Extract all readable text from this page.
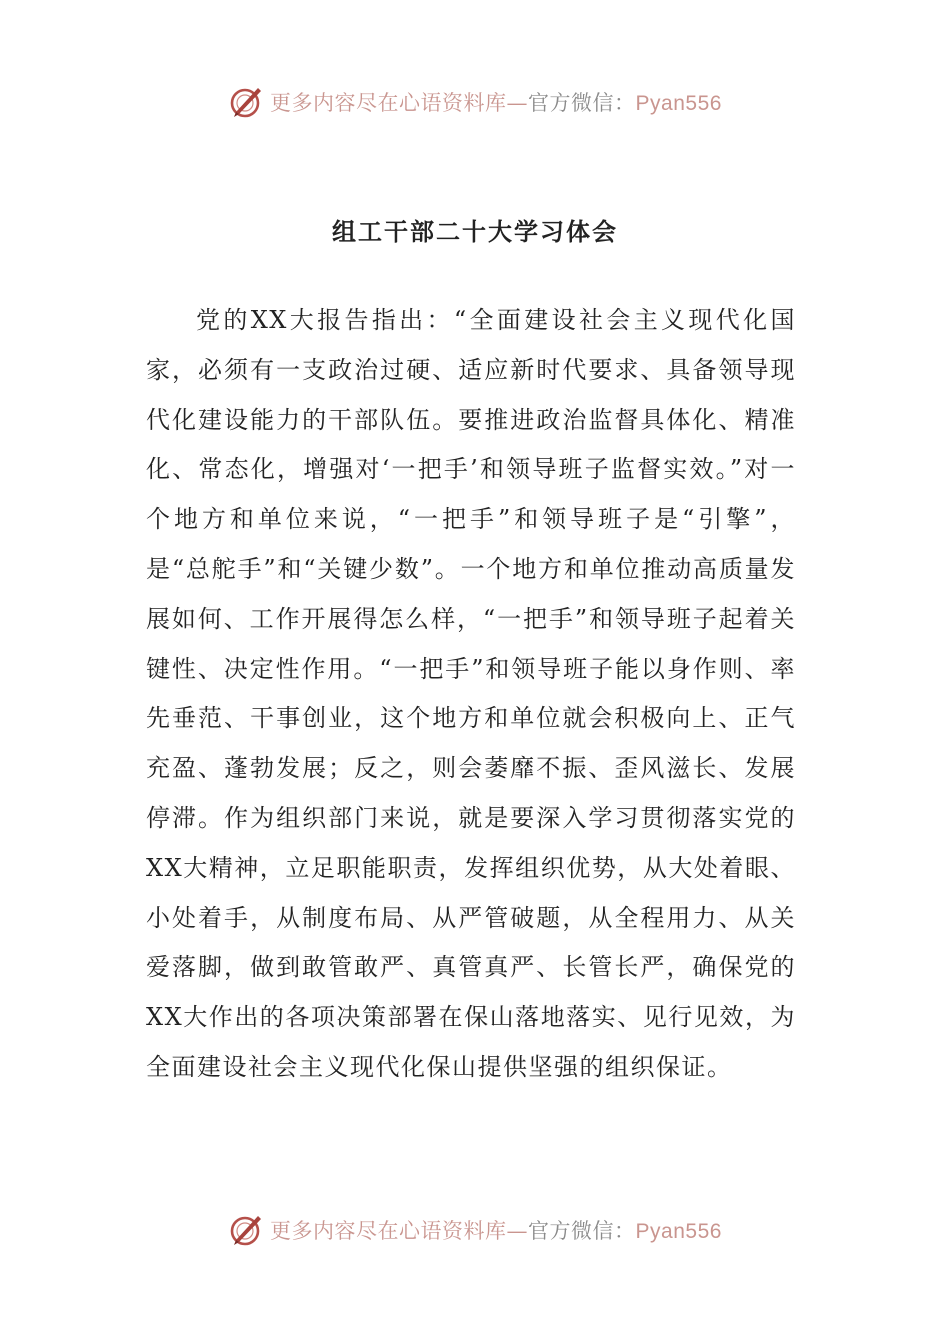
更多内容尽在心语资料库—官方微信：Pyan556
组工干部二十大学习体会

党的XX大报告指出：“全面建设社会主义现代化国家，必须有一支政治过硬、适应新时代要求、具备领导现代化建设能力的干部队伍。要推进政治监督具体化、精准化、常态化，增强对‘一把手’和领导班子监督实效。”对一个地方和单位来说，“一把手”和领导班子是“引擎”，是“总舵手”和“关键少数”。一个地方和单位推动高质量发展如何、工作开展得怎么样，“一把手”和领导班子起着关键性、决定性作用。“一把手”和领导班子能以身作则、率先垂范、干事创业，这个地方和单位就会积极向上、正气充盈、蓬勃发展；反之，则会萎靡不振、歪风滋长、发展停滞。作为组织部门来说，就是要深入学习贯彻落实党的XX大精神，立足职能职责，发挥组织优势，从大处着眼、小处着手，从制度布局、从严管破题，从全程用力、从关爱落脚，做到敢管敢严、真管真严、长管长严，确保党的XX大作出的各项决策部署在保山落地落实、见行见效，为全面建设社会主义现代化保山提供坚强的组织保证。

更多内容尽在心语资料库—官方微信：Pyan556
